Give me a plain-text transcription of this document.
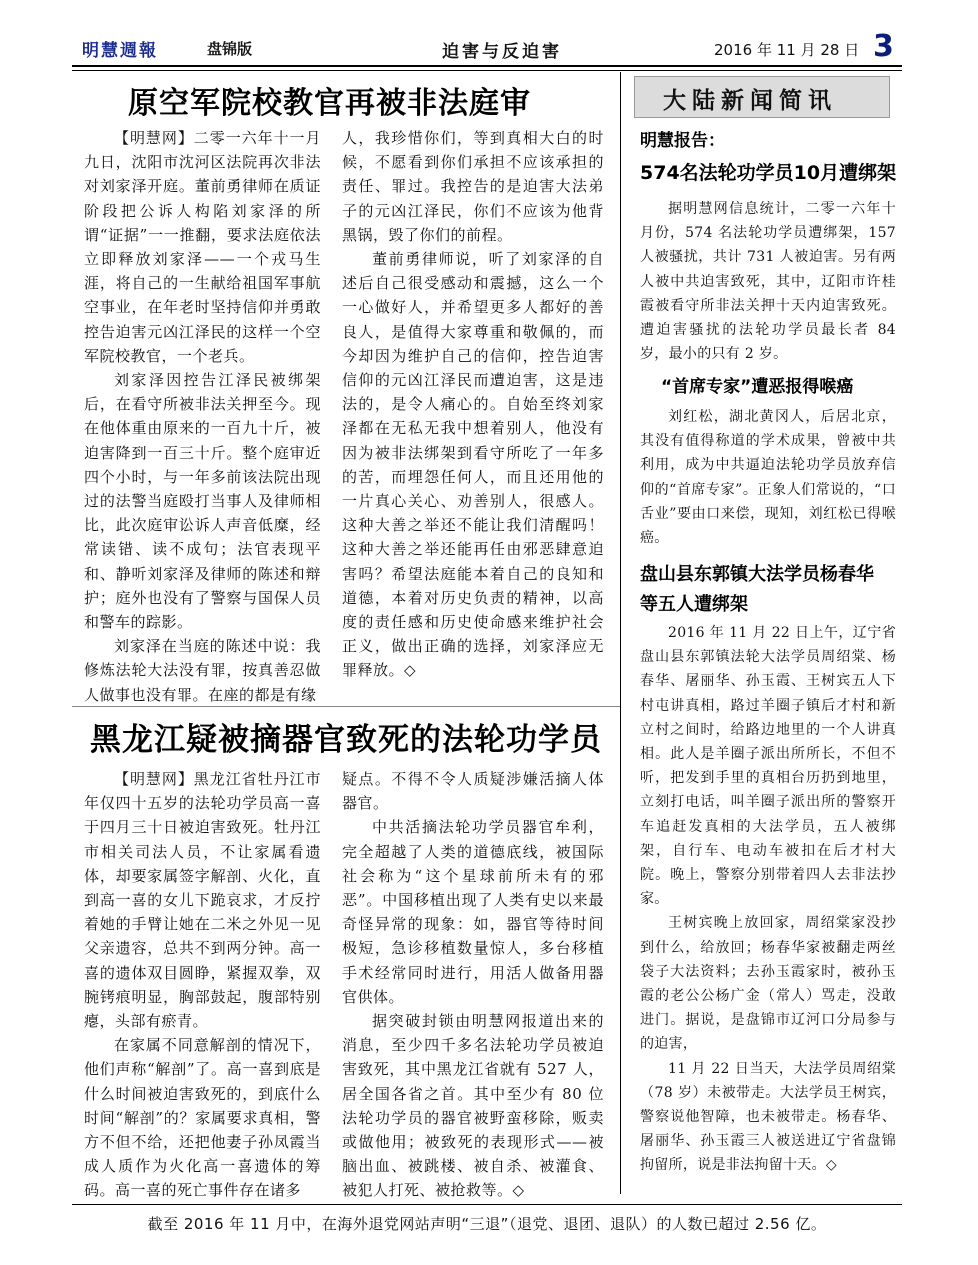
明慧週報	盘锦版	迫害与反迫害	2016 年 11 月 28 日 3
原空军院校教官再被非法庭审

【明慧网】二零一六年十一月九日，沈阳市沈河区法院再次非法对刘家泽开庭。董前勇律师在质证阶段把公诉人构陷刘家泽的所谓“证据”一一推翻，要求法庭依法立即释放刘家泽——一个戎马生涯，将自己的一生献给祖国军事航空事业，在年老时坚持信仰并勇敢控告迫害元凶江泽民的这样一个空军院校教官，一个老兵。

刘家泽因控告江泽民被绑架后，在看守所被非法关押至今。现在他体重由原来的一百九十斤，被迫害降到一百三十斤。整个庭审近四个小时，与一年多前该法院出现过的法警当庭殴打当事人及律师相比，此次庭审讼诉人声音低糜，经常读错、读不成句；法官表现平和、静听刘家泽及律师的陈述和辩护；庭外也没有了警察与国保人员和警车的踪影。

刘家泽在当庭的陈述中说：我修炼法轮大法没有罪，按真善忍做人做事也没有罪。在座的都是有缘

人，我珍惜你们，等到真相大白的时候，不愿看到你们承担不应该承担的责任、罪过。我控告的是迫害大法弟子的元凶江泽民，你们不应该为他背黑锅，毁了你们的前程。

董前勇律师说，听了刘家泽的自述后自己很受感动和震撼，这么一个一心做好人，并希望更多人都好的善良人，是值得大家尊重和敬佩的，而今却因为维护自己的信仰，控告迫害信仰的元凶江泽民而遭迫害，这是违法的，是令人痛心的。自始至终刘家泽都在无私无我中想着别人，他没有因为被非法绑架到看守所吃了一年多的苦，而埋怨任何人，而且还用他的一片真心关心、劝善别人，很感人。这种大善之举还不能让我们清醒吗！这种大善之举还能再任由邪恶肆意迫害吗？希望法庭能本着自己的良知和道德，本着对历史负责的精神，以高度的责任感和历史使命感来维护社会正义，做出正确的选择，刘家泽应无罪释放。◇

黑龙江疑被摘器官致死的法轮功学员

【明慧网】黑龙江省牡丹江市年仅四十五岁的法轮功学员高一喜于四月三十日被迫害致死。牡丹江市相关司法人员，不让家属看遗体，却要家属签字解剖、火化，直到高一喜的女儿下跪哀求，才反拧着她的手臂让她在二米之外见一见父亲遗容，总共不到两分钟。高一喜的遗体双目圆睁，紧握双拳，双腕铐痕明显，胸部鼓起，腹部特别瘪，头部有瘀青。

在家属不同意解剖的情况下，他们声称“解剖”了。高一喜到底是什么时间被迫害致死的，到底什么时间“解剖”的？家属要求真相，警方不但不给，还把他妻子孙凤霞当成人质作为火化高一喜遗体的筹码。高一喜的死亡事件存在诸多

疑点。不得不令人质疑涉嫌活摘人体器官。

中共活摘法轮功学员器官牟利，完全超越了人类的道德底线，被国际社会称为“这个星球前所未有的邪恶”。中国移植出现了人类有史以来最奇怪异常的现象：如，器官等待时间极短，急诊移植数量惊人，多台移植手术经常同时进行，用活人做备用器官供体。

据突破封锁由明慧网报道出来的消息，至少四千多名法轮功学员被迫害致死，其中黑龙江省就有 527 人，居全国各省之首。其中至少有 80 位法轮功学员的器官被野蛮移除，贩卖或做他用；被致死的表现形式——被脑出血、被跳楼、被自杀、被灌食、被犯人打死、被抢救等。◇

大陆新闻简讯
明慧报告：
574名法轮功学员10月遭绑架

据明慧网信息统计，二零一六年十月份，574 名法轮功学员遭绑架，157 人被骚扰，共计 731 人被迫害。另有两人被中共迫害致死，其中，辽阳市许桂霞被看守所非法关押十天内迫害致死。遭迫害骚扰的法轮功学员最长者 84 岁，最小的只有 2 岁。

“首席专家”遭恶报得喉癌

刘红松，湖北黄冈人，后居北京，其没有值得称道的学术成果，曾被中共利用，成为中共逼迫法轮功学员放弃信仰的“首席专家”。正象人们常说的，“口舌业”要由口来偿，现知，刘红松已得喉癌。

盘山县东郭镇大法学员杨春华等五人遭绑架

2016 年 11 月 22 日上午，辽宁省盘山县东郭镇法轮大法学员周绍棠、杨春华、屠丽华、孙玉霞、王树宾五人下村屯讲真相，路过羊圈子镇后才村和新立村之间时，给路边地里的一个人讲真相。此人是羊圈子派出所所长，不但不听，把发到手里的真相台历扔到地里，立刻打电话，叫羊圈子派出所的警察开车追赶发真相的大法学员，五人被绑架，自行车、电动车被扣在后才村大院。晚上，警察分别带着四人去非法抄家。

王树宾晚上放回家，周绍棠家没抄到什么，给放回；杨春华家被翻走两丝袋子大法资料；去孙玉霞家时，被孙玉霞的老公公杨广金（常人）骂走，没敢进门。据说，是盘锦市辽河口分局参与的迫害，

11 月 22 日当天，大法学员周绍棠（78 岁）未被带走。大法学员王树宾，警察说他智障，也未被带走。杨春华、屠丽华、孙玉霞三人被送进辽宁省盘锦拘留所，说是非法拘留十天。◇

截至 2016 年 11 月中，在海外退党网站声明“三退”（退党、退团、退队）的人数已超过 2.56 亿。
